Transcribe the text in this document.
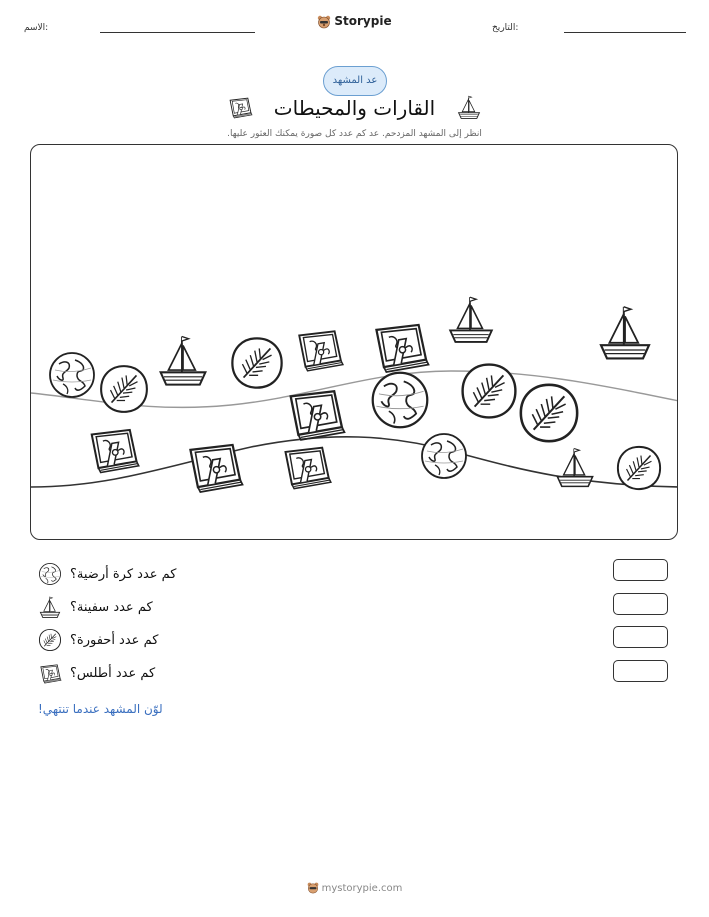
الاسم:	التاريخ:
Storypie
عد المشهد
القارات والمحيطات
انظر إلى المشهد المزدحم. عد كم عدد كل صورة يمكنك العثور عليها.
كم عدد كرة أرضية؟
كم عدد سفينة؟
كم عدد أحفورة؟
كم عدد أطلس؟
لوّن المشهد عندما تنتهي!
mystorypie.com
